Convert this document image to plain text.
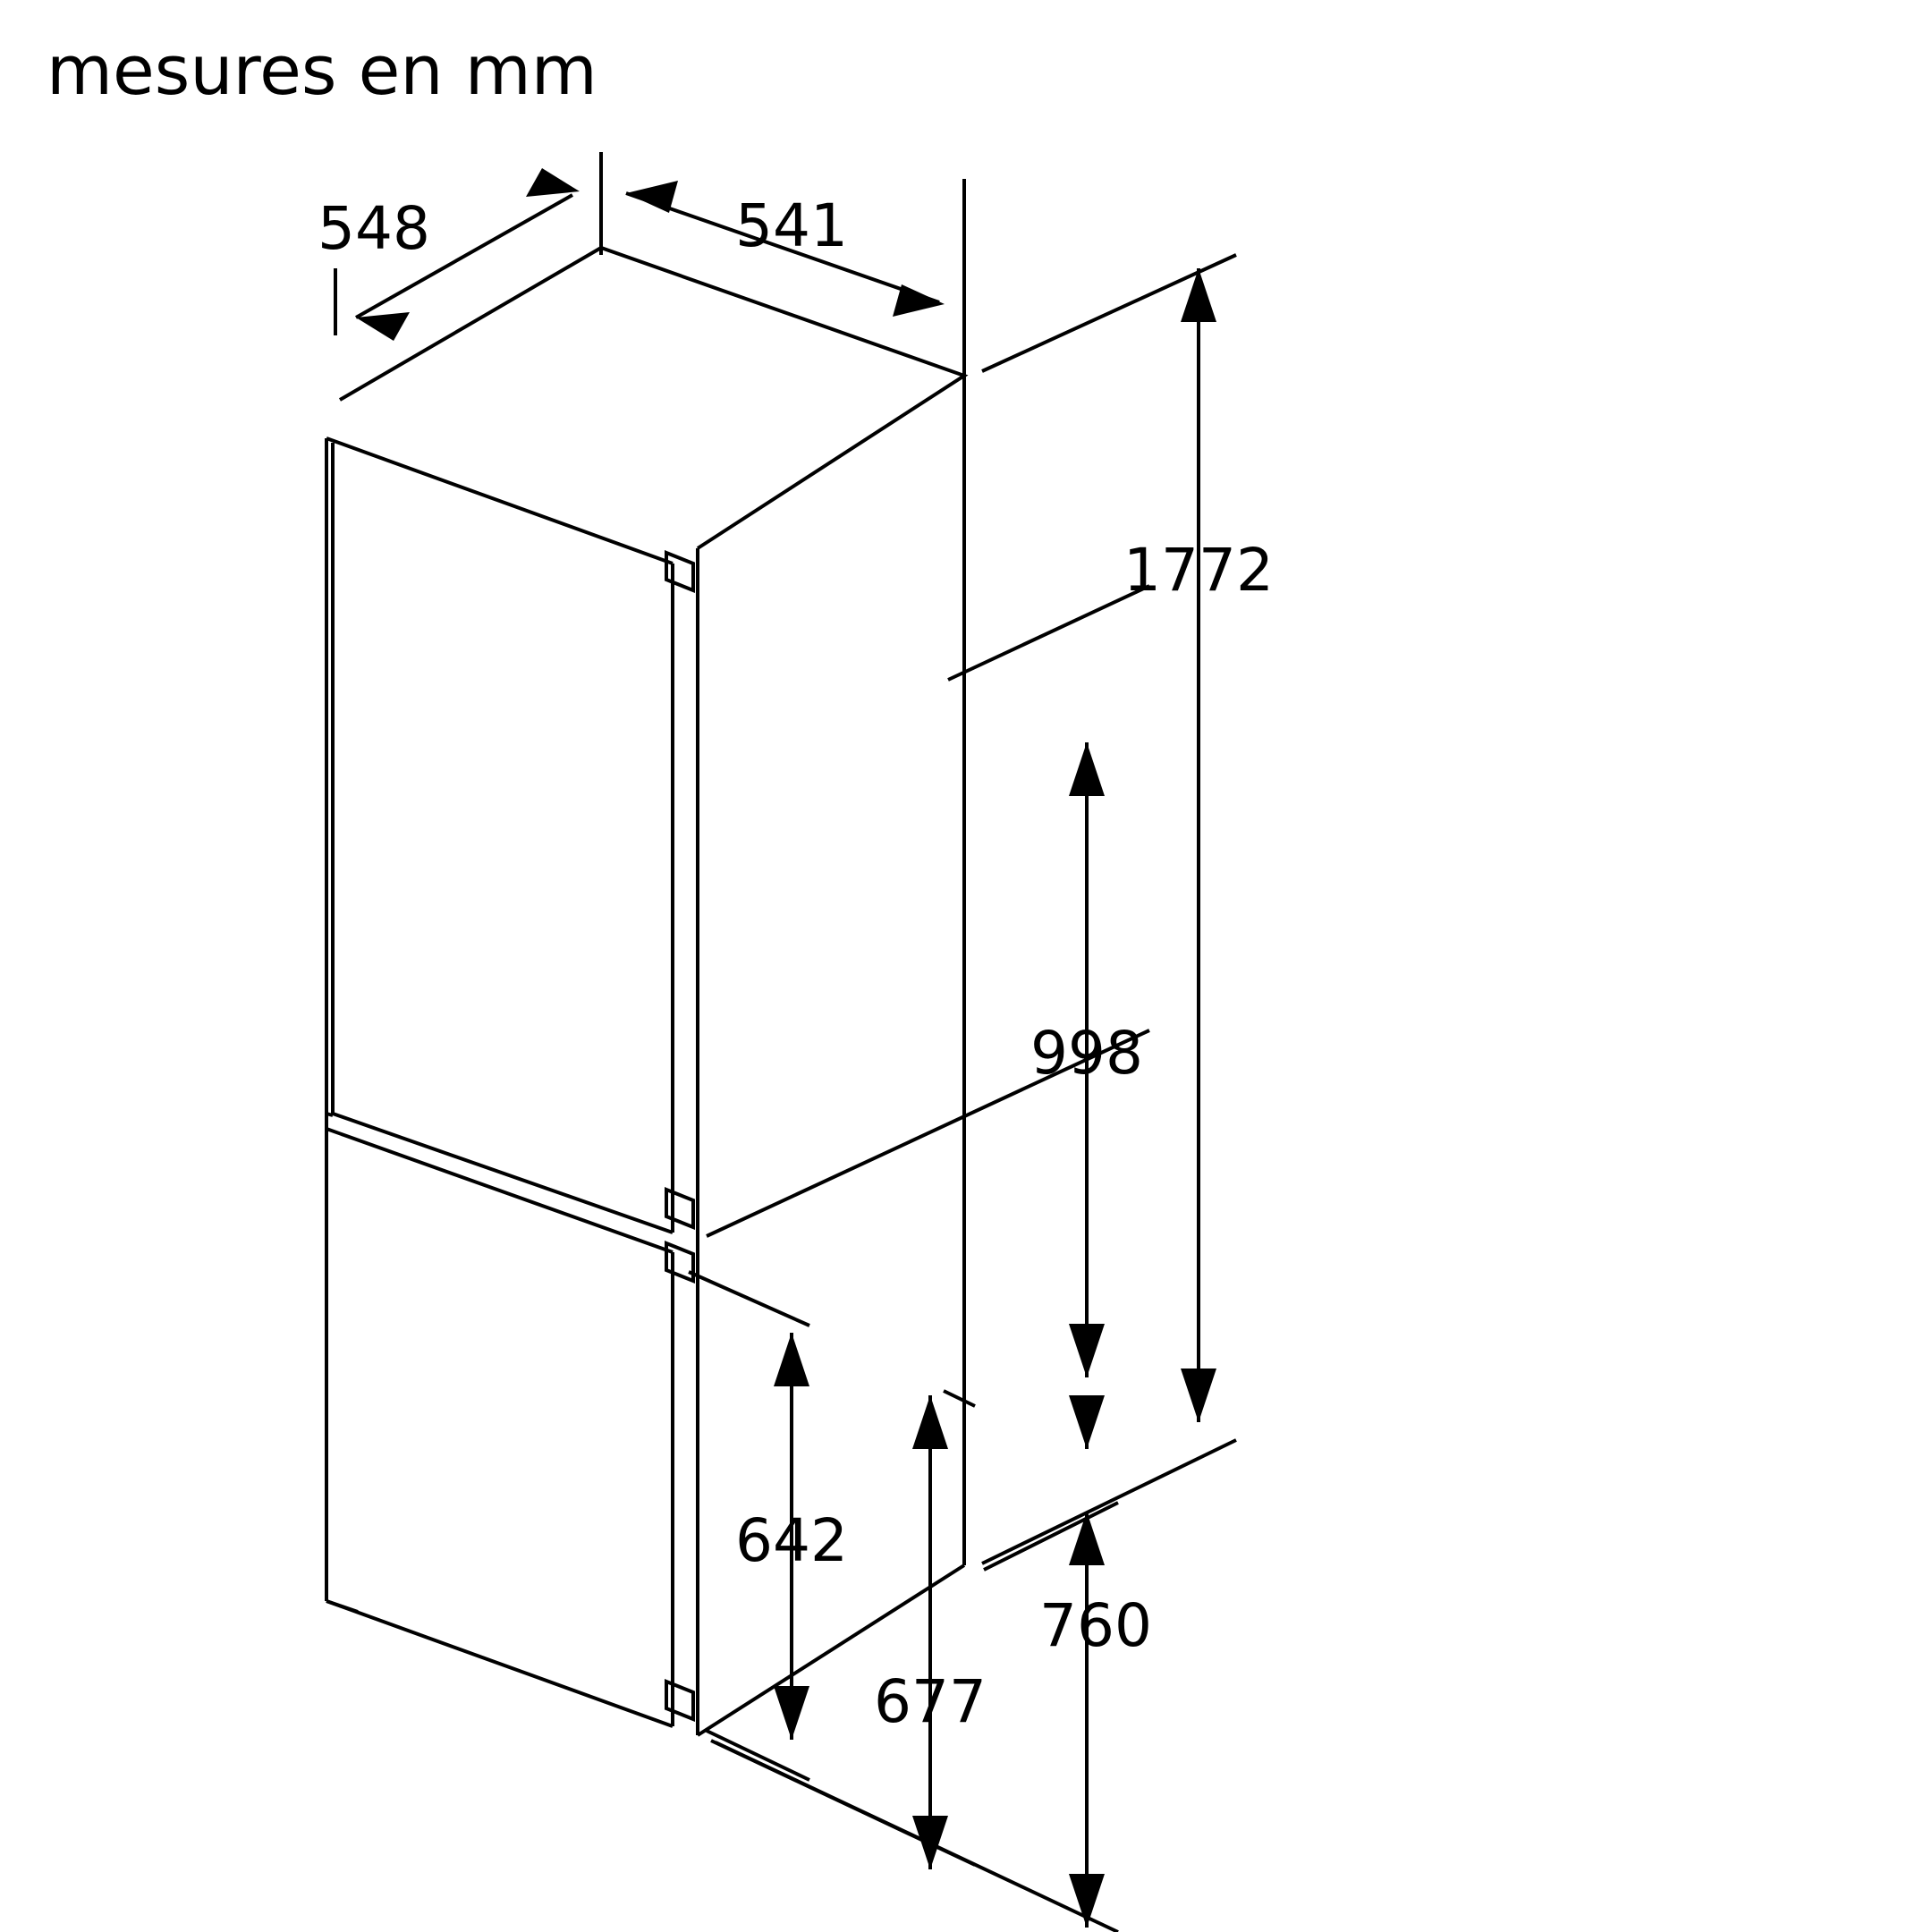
mesures en mm
548	541
1772
998
642
677
760
